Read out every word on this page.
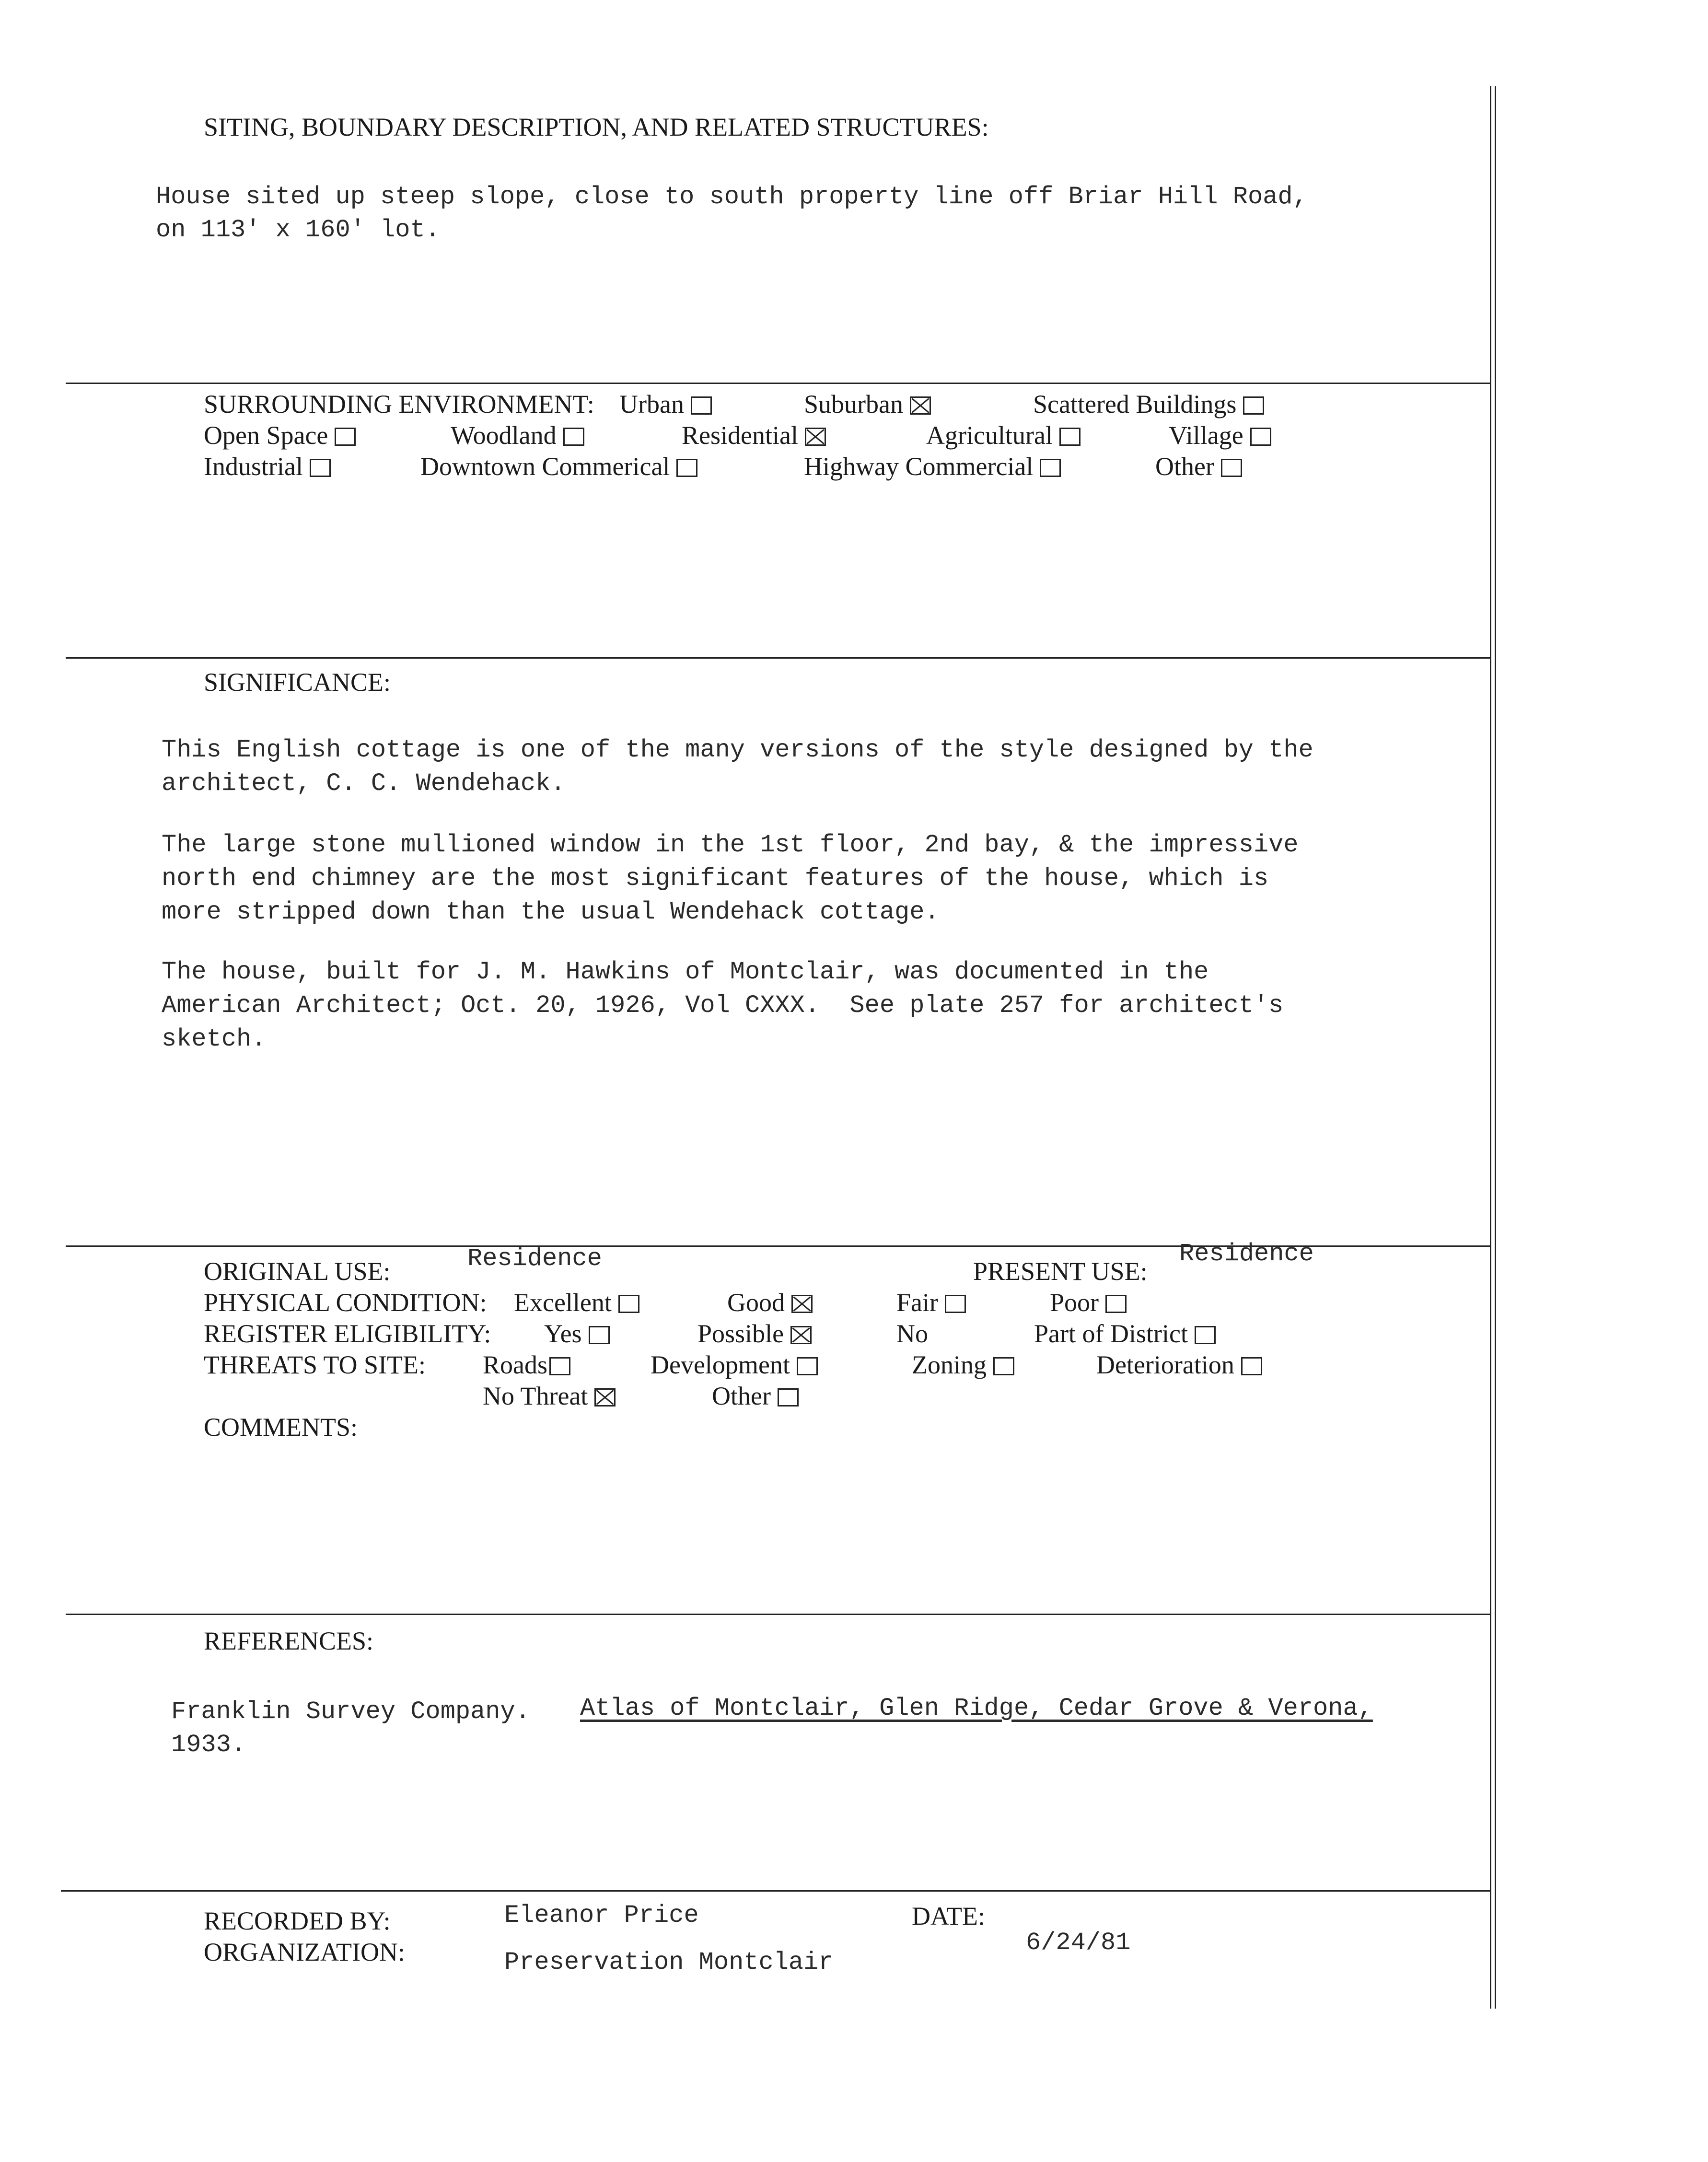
SITING, BOUNDARY DESCRIPTION, AND RELATED STRUCTURES:
House sited up steep slope, close to south property line off Briar Hill Road,
on 113' x 160' lot.
SURROUNDING ENVIRONMENT: Urban	Suburban	Scattered Buildings
Open Space	Woodland	Residential	Agricultural	Village
Industrial	Downtown Commerical	Highway Commercial	Other
SIGNIFICANCE:
This English cottage is one of the many versions of the style designed by the
architect, C. C. Wendehack.
The large stone mullioned window in the 1st floor, 2nd bay, & the impressive
north end chimney are the most significant features of the house, which is
more stripped down than the usual Wendehack cottage.
The house, built for J. M. Hawkins of Montclair, was documented in the
American Architect; Oct. 20, 1926, Vol CXXX.  See plate 257 for architect's
sketch.
ORIGINAL USE:	Residence	PRESENT USE:
Residence
PHYSICAL CONDITION: Excellent	Good	Fair	Poor
REGISTER ELIGIBILITY: Yes	Possible	No	Part of District
THREATS TO SITE: Roads	Development	Zoning	Deterioration
No Threat	Other
COMMENTS:
REFERENCES:
Franklin Survey Company. Atlas of Montclair, Glen Ridge, Cedar Grove & Verona,
1933.
RECORDED BY:	Eleanor Price
ORGANIZATION:	Preservation Montclair
DATE:
6/24/81
